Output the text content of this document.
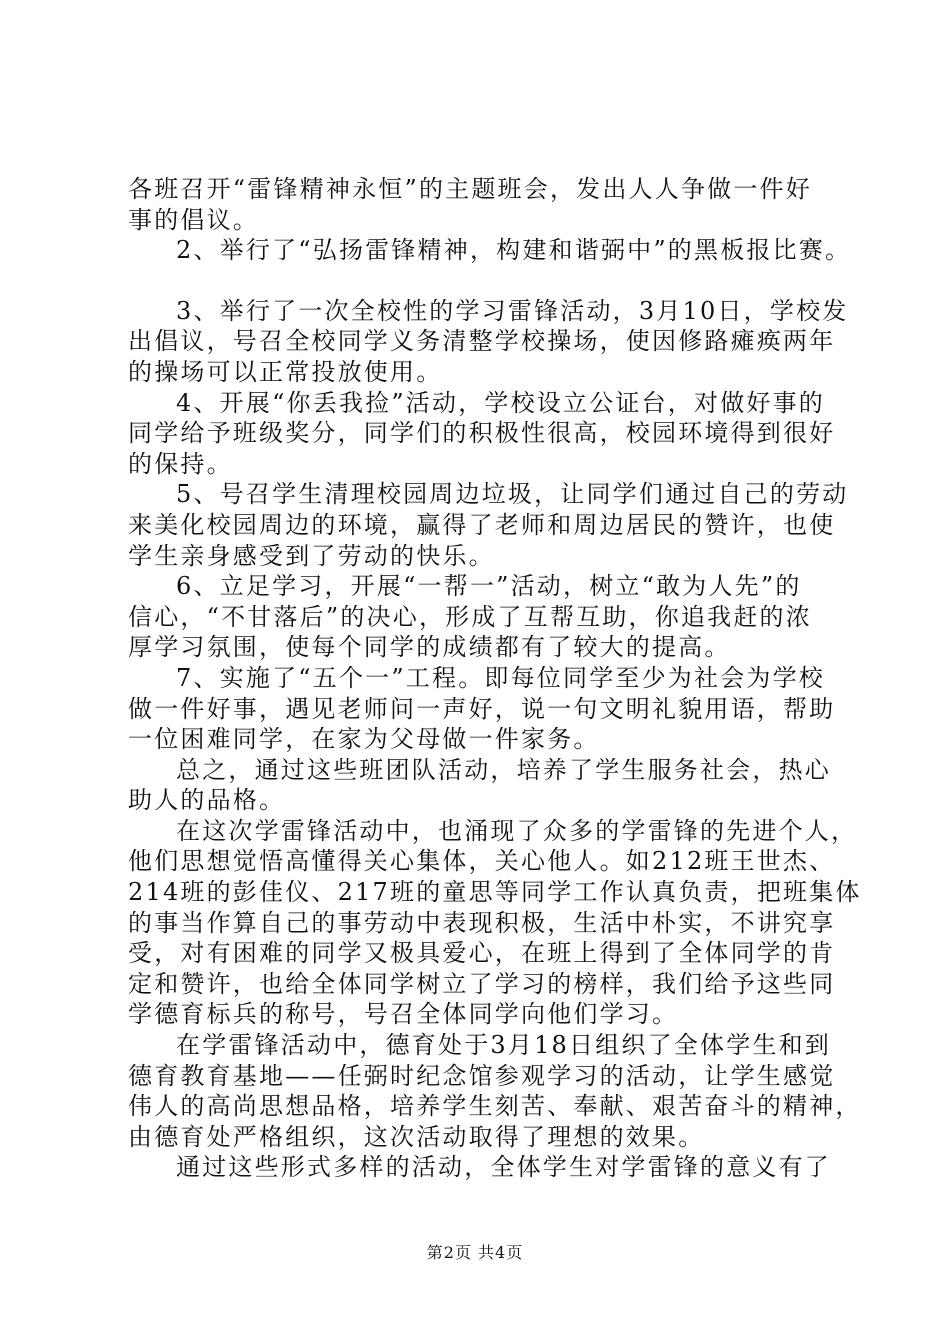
各班召开“雷锋精神永恒”的主题班会，发出人人争做一件好
事的倡议。
2、举行了“弘扬雷锋精神，构建和谐弼中”的黑板报比赛。
3、举行了一次全校性的学习雷锋活动，3月10日，学校发
出倡议，号召全校同学义务清整学校操场，使因修路瘫痪两年
的操场可以正常投放使用。
4、开展“你丢我捡”活动，学校设立公证台，对做好事的
同学给予班级奖分，同学们的积极性很高，校园环境得到很好
的保持。
5、号召学生清理校园周边垃圾，让同学们通过自己的劳动
来美化校园周边的环境，赢得了老师和周边居民的赞许，也使
学生亲身感受到了劳动的快乐。
6、立足学习，开展“一帮一”活动，树立“敢为人先”的
信心，“不甘落后”的决心，形成了互帮互助，你追我赶的浓
厚学习氛围，使每个同学的成绩都有了较大的提高。
7、实施了“五个一”工程。即每位同学至少为社会为学校
做一件好事，遇见老师问一声好，说一句文明礼貌用语，帮助
一位困难同学，在家为父母做一件家务。
总之，通过这些班团队活动，培养了学生服务社会，热心
助人的品格。
在这次学雷锋活动中，也涌现了众多的学雷锋的先进个人，
他们思想觉悟高懂得关心集体，关心他人。如212班王世杰、
214班的彭佳仪、217班的童思等同学工作认真负责，把班集体
的事当作算自己的事劳动中表现积极，生活中朴实，不讲究享
受，对有困难的同学又极具爱心，在班上得到了全体同学的肯
定和赞许，也给全体同学树立了学习的榜样，我们给予这些同
学德育标兵的称号，号召全体同学向他们学习。
在学雷锋活动中，德育处于3月18日组织了全体学生和到
德育教育基地——任弼时纪念馆参观学习的活动，让学生感觉
伟人的高尚思想品格，培养学生刻苦、奉献、艰苦奋斗的精神，
由德育处严格组织，这次活动取得了理想的效果。
通过这些形式多样的活动，全体学生对学雷锋的意义有了
第2页 共4页
